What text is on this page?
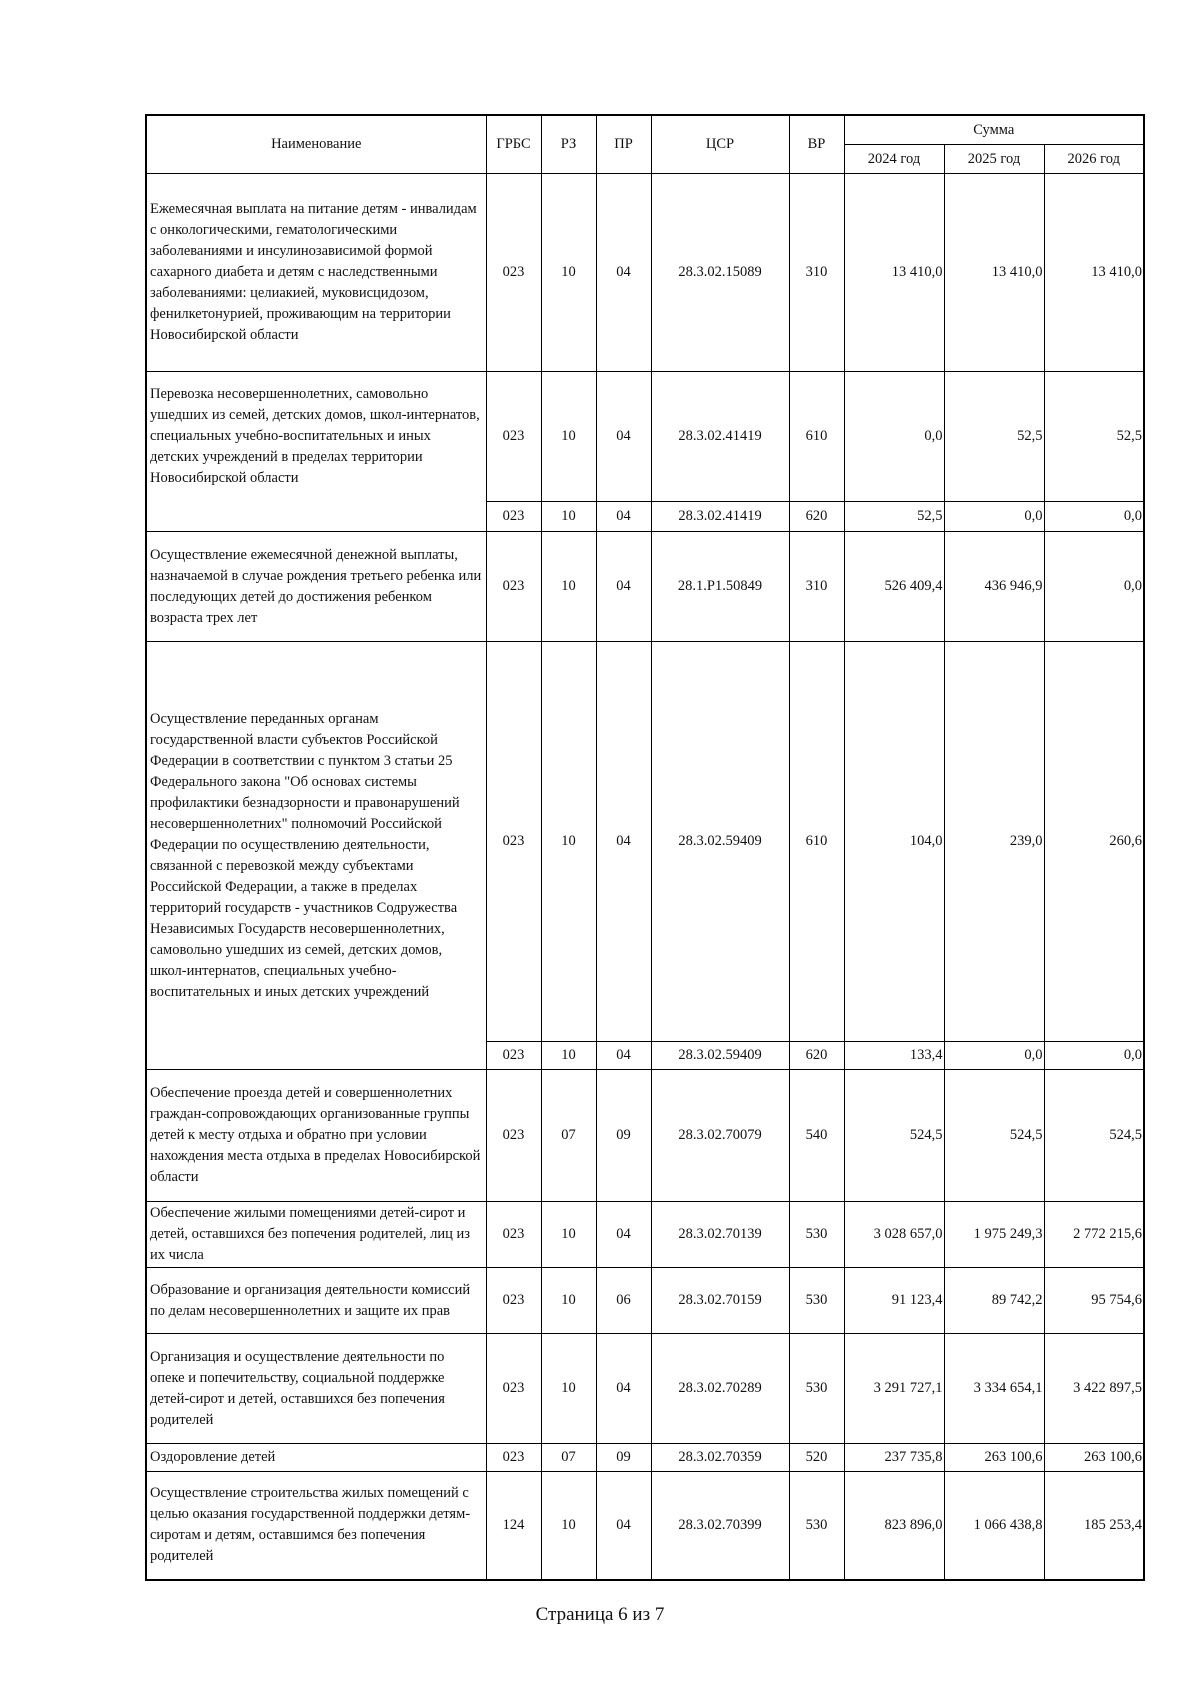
Наименование	ГРБС	РЗ	ПР	ЦСР	ВР	Сумма		
						2024 год	2025 год	2026 год
Ежемесячная выплата на питание детям - инвалидам с онкологическими, гематологическими заболеваниями и инсулинозависимой формой сахарного диабета и детям с наследственными заболеваниями: целиакией, муковисцидозом, фенилкетонурией, проживающим на территории Новосибирской области	023	10	04	28.3.02.15089	310	13 410,0	13 410,0	13 410,0
Перевозка несовершеннолетних, самовольно ушедших из семей, детских домов, школ-интернатов, специальных учебно-воспитательных и иных детских учреждений в пределах территории Новосибирской области	023	10	04	28.3.02.41419	610	0,0	52,5	52,5
	023	10	04	28.3.02.41419	620	52,5	0,0	0,0
Осуществление ежемесячной денежной выплаты, назначаемой в случае рождения третьего ребенка или последующих детей до достижения ребенком возраста трех лет	023	10	04	28.1.P1.50849	310	526 409,4	436 946,9	0,0
Осуществление переданных органам государственной власти субъектов Российской Федерации в соответствии с пунктом 3 статьи 25 Федерального закона "Об основах системы профилактики безнадзорности и правонарушений несовершеннолетних" полномочий Российской Федерации по осуществлению деятельности, связанной с перевозкой между субъектами Российской Федерации, а также в пределах территорий государств - участников Содружества Независимых Государств несовершеннолетних, самовольно ушедших из семей, детских домов, школ-интернатов, специальных учебно-воспитательных и иных детских учреждений	023	10	04	28.3.02.59409	610	104,0	239,0	260,6
	023	10	04	28.3.02.59409	620	133,4	0,0	0,0
Обеспечение проезда детей и совершеннолетних граждан-сопровождающих организованные группы детей к месту отдыха и обратно при условии нахождения места отдыха в пределах Новосибирской области	023	07	09	28.3.02.70079	540	524,5	524,5	524,5
Обеспечение жилыми помещениями детей-сирот и детей, оставшихся без попечения родителей, лиц из их числа	023	10	04	28.3.02.70139	530	3 028 657,0	1 975 249,3	2 772 215,6
Образование и организация деятельности комиссий по делам несовершеннолетних и защите их прав	023	10	06	28.3.02.70159	530	91 123,4	89 742,2	95 754,6
Организация и осуществление деятельности по опеке и попечительству, социальной поддержке детей-сирот и детей, оставшихся без попечения родителей	023	10	04	28.3.02.70289	530	3 291 727,1	3 334 654,1	3 422 897,5
Оздоровление детей	023	07	09	28.3.02.70359	520	237 735,8	263 100,6	263 100,6
Осуществление строительства жилых помещений с целью оказания государственной поддержки детям-сиротам и детям, оставшимся без попечения родителей	124	10	04	28.3.02.70399	530	823 896,0	1 066 438,8	185 253,4
Страница 6 из 7
